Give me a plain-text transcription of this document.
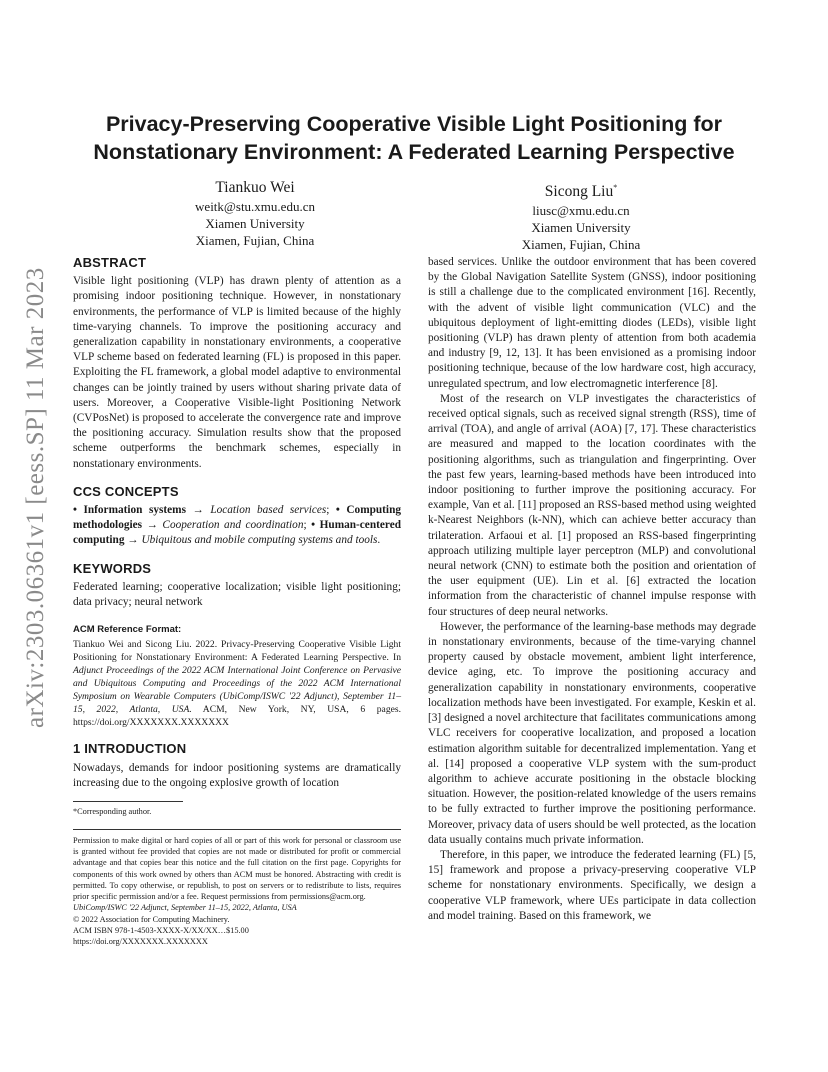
arXiv:2303.06361v1 [eess.SP] 11 Mar 2023
Privacy-Preserving Cooperative Visible Light Positioning for Nonstationary Environment: A Federated Learning Perspective
Tiankuo Wei
weitk@stu.xmu.edu.cn
Xiamen University
Xiamen, Fujian, China
Sicong Liu*
liusc@xmu.edu.cn
Xiamen University
Xiamen, Fujian, China
ABSTRACT

Visible light positioning (VLP) has drawn plenty of attention as a promising indoor positioning technique. However, in nonstationary environments, the performance of VLP is limited because of the highly time-varying channels. To improve the positioning accuracy and generalization capability in nonstationary environments, a cooperative VLP scheme based on federated learning (FL) is proposed in this paper. Exploiting the FL framework, a global model adaptive to environmental changes can be jointly trained by users without sharing private data of users. Moreover, a Cooperative Visible-light Positioning Network (CVPosNet) is proposed to accelerate the convergence rate and improve the positioning accuracy. Simulation results show that the proposed scheme outperforms the benchmark schemes, especially in nonstationary environments.

CCS CONCEPTS

• Information systems → Location based services; • Computing methodologies → Cooperation and coordination; • Human-centered computing → Ubiquitous and mobile computing systems and tools.

KEYWORDS

Federated learning; cooperative localization; visible light positioning; data privacy; neural network

ACM Reference Format:

Tiankuo Wei and Sicong Liu. 2022. Privacy-Preserving Cooperative Visible Light Positioning for Nonstationary Environment: A Federated Learning Perspective. In Adjunct Proceedings of the 2022 ACM International Joint Conference on Pervasive and Ubiquitous Computing and Proceedings of the 2022 ACM International Symposium on Wearable Computers (UbiComp/ISWC '22 Adjunct), September 11–15, 2022, Atlanta, USA. ACM, New York, NY, USA, 6 pages. https://doi.org/XXXXXXX.XXXXXXX

1 INTRODUCTION

Nowadays, demands for indoor positioning systems are dramatically increasing due to the ongoing explosive growth of location

*Corresponding author.
Permission to make digital or hard copies of all or part of this work for personal or classroom use is granted without fee provided that copies are not made or distributed for profit or commercial advantage and that copies bear this notice and the full citation on the first page. Copyrights for components of this work owned by others than ACM must be honored. Abstracting with credit is permitted. To copy otherwise, or republish, to post on servers or to redistribute to lists, requires prior specific permission and/or a fee. Request permissions from permissions@acm.org.
UbiComp/ISWC '22 Adjunct, September 11–15, 2022, Atlanta, USA
© 2022 Association for Computing Machinery.
ACM ISBN 978-1-4503-XXXX-X/XX/XX…$15.00
https://doi.org/XXXXXXX.XXXXXXX

based services. Unlike the outdoor environment that has been covered by the Global Navigation Satellite System (GNSS), indoor positioning is still a challenge due to the complicated environment [16]. Recently, with the advent of visible light communication (VLC) and the ubiquitous deployment of light-emitting diodes (LEDs), visible light positioning (VLP) has drawn plenty of attention from both academia and industry [9, 12, 13]. It has been envisioned as a promising indoor positioning technique, because of the low hardware cost, high accuracy, unregulated spectrum, and low electromagnetic interference [8].

Most of the research on VLP investigates the characteristics of received optical signals, such as received signal strength (RSS), time of arrival (TOA), and angle of arrival (AOA) [7, 17]. These characteristics are measured and mapped to the location coordinates with the positioning algorithms, such as triangulation and fingerprinting. Over the past few years, learning-based methods have been introduced into indoor positioning to further improve the positioning accuracy. For example, Van et al. [11] proposed an RSS-based method using weighted k-Nearest Neighbors (k-NN), which can achieve better accuracy than trilateration. Arfaoui et al. [1] proposed an RSS-based fingerprinting approach utilizing multiple layer perceptron (MLP) and convolutional neural network (CNN) to estimate both the position and orientation of the user equipment (UE). Lin et al. [6] extracted the location information from the characteristic of channel impulse response with four structures of deep neural networks.

However, the performance of the learning-base methods may degrade in nonstationary environments, because of the time-varying channel property caused by obstacle movement, ambient light interference, device aging, etc. To improve the positioning accuracy and generalization capability in nonstationary environments, cooperative localization methods have been investigated. For example, Keskin et al. [3] designed a novel architecture that facilitates communications among VLC receivers for cooperative localization, and proposed a location estimation algorithm suitable for decentralized implementation. Yang et al. [14] proposed a cooperative VLP system with the sum-product algorithm to achieve accurate positioning in the obstacle blocking situation. However, the position-related knowledge of the users remains to be fully extracted to further improve the positioning performance. Moreover, privacy data of users should be well protected, as the location data usually contains much private information.

Therefore, in this paper, we introduce the federated learning (FL) [5, 15] framework and propose a privacy-preserving cooperative VLP scheme for nonstationary environments. Specifically, we design a cooperative VLP framework, where UEs participate in data collection and model training. Based on this framework, we
